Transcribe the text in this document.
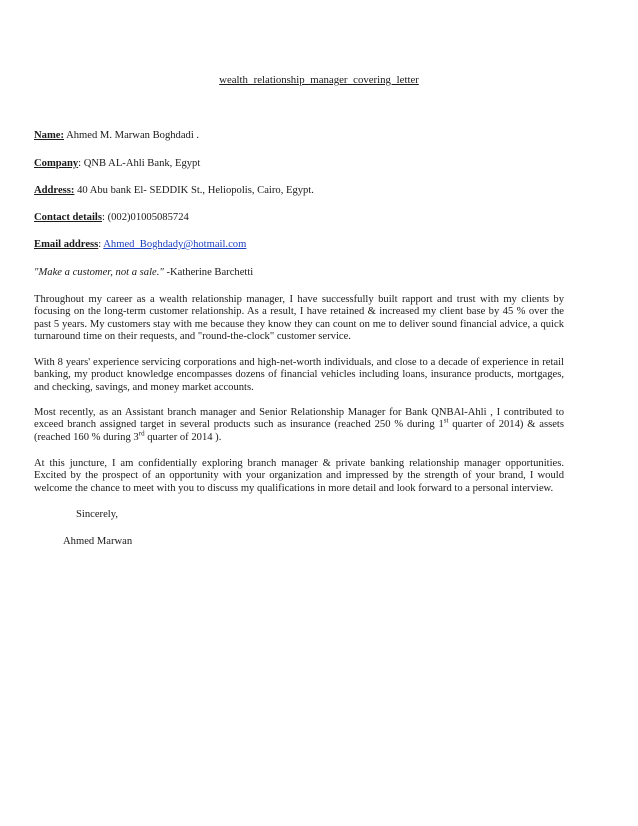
wealth relationship manager covering letter
Name: Ahmed M. Marwan Boghdadi .
Company: QNB AL-Ahli Bank, Egypt
Address: 40 Abu bank El- SEDDIK St., Heliopolis, Cairo, Egypt.
Contact details: (002)01005085724
Email address: Ahmed_Boghdady@hotmail.com
"Make a customer, not a sale." -Katherine Barchetti

Throughout my career as a wealth relationship manager, I have successfully built rapport and trust with my clients by focusing on the long-term customer relationship. As a result, I have retained & increased my client base by 45 % over the past 5 years. My customers stay with me because they know they can count on me to deliver sound financial advice, a quick turnaround time on their requests, and "round-the-clock" customer service.

With 8 years' experience servicing corporations and high-net-worth individuals, and close to a decade of experience in retail banking, my product knowledge encompasses dozens of financial vehicles including loans, insurance products, mortgages, and checking, savings, and money market accounts.

Most recently, as an Assistant branch manager and Senior Relationship Manager for Bank QNBAl-Ahli , I contributed to exceed branch assigned target in several products such as insurance (reached 250 % during 1st quarter of 2014) & assets (reached 160 % during 3rd quarter of 2014 ).

At this juncture, I am confidentially exploring branch manager & private banking relationship manager opportunities. Excited by the prospect of an opportunity with your organization and impressed by the strength of your brand, I would welcome the chance to meet with you to discuss my qualifications in more detail and look forward to a personal interview.

Sincerely,
Ahmed Marwan
